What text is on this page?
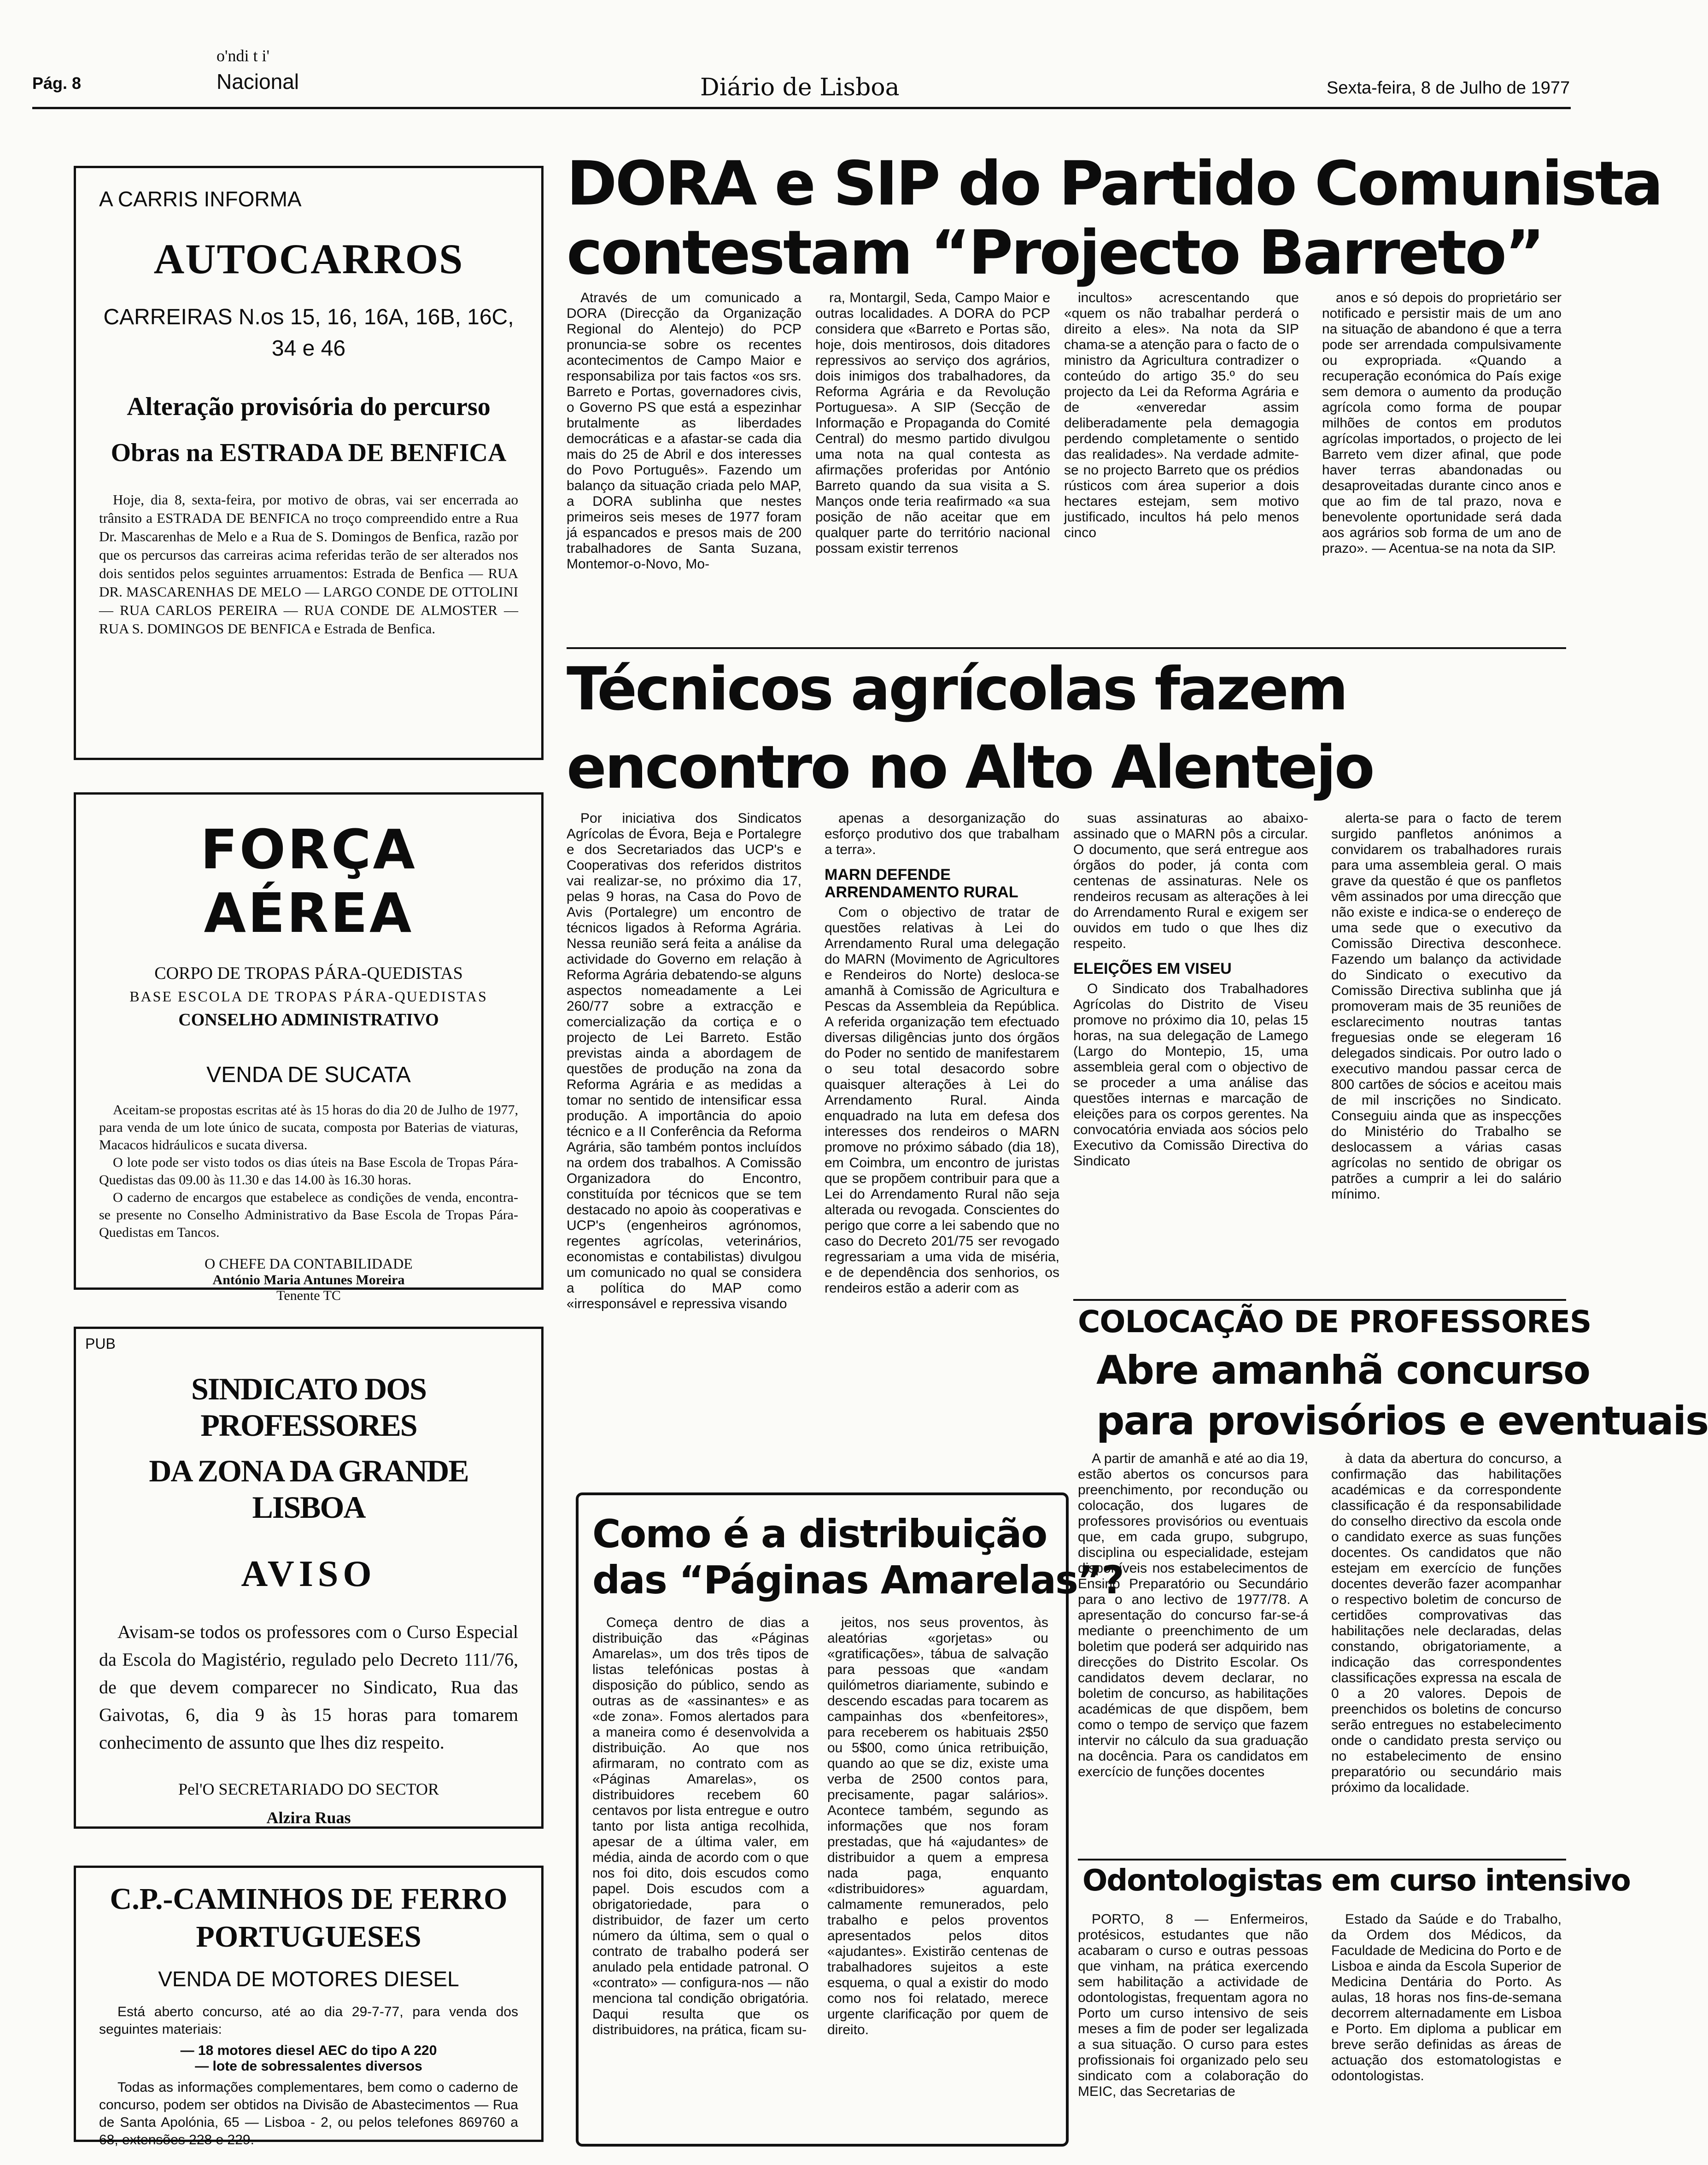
o'ndi t i'
Pág. 8	Nacional	Diário de Lisboa	Sexta-feira, 8 de Julho de 1977
A CARRIS INFORMA
AUTOCARROS
CARREIRAS N.os 15, 16, 16A, 16B, 16C, 34 e 46
Alteração provisória do percurso
Obras na ESTRADA DE BENFICA
Hoje, dia 8, sexta-feira, por motivo de obras, vai ser encerrada ao trânsito a ESTRADA DE BENFICA no troço compreendido entre a Rua Dr. Mascarenhas de Melo e a Rua de S. Domingos de Benfica, razão por que os percursos das carreiras acima referidas terão de ser alterados nos dois sentidos pelos seguintes arruamentos: Estrada de Benfica — RUA DR. MASCARENHAS DE MELO — LARGO CONDE DE OTTOLINI — RUA CARLOS PEREIRA — RUA CONDE DE ALMOSTER — RUA S. DOMINGOS DE BENFICA e Estrada de Benfica.
FORÇA AÉREA
CORPO DE TROPAS PÁRA-QUEDISTAS
BASE ESCOLA DE TROPAS PÁRA-QUEDISTAS
CONSELHO ADMINISTRATIVO
VENDA DE SUCATA
Aceitam-se propostas escritas até às 15 horas do dia 20 de Julho de 1977, para venda de um lote único de sucata, composta por Baterias de viaturas, Macacos hidráulicos e sucata diversa.
O lote pode ser visto todos os dias úteis na Base Escola de Tropas Pára-Quedistas das 09.00 às 11.30 e das 14.00 às 16.30 horas.
O caderno de encargos que estabelece as condições de venda, encontra-se presente no Conselho Administrativo da Base Escola de Tropas Pára-Quedistas em Tancos.
O CHEFE DA CONTABILIDADE
António Maria Antunes Moreira
Tenente TC
PUB
SINDICATO DOS PROFESSORES
DA ZONA DA GRANDE LISBOA
AVISO
Avisam-se todos os professores com o Curso Especial da Escola do Magistério, regulado pelo Decreto 111/76, de que devem comparecer no Sindicato, Rua das Gaivotas, 6, dia 9 às 15 horas para tomarem conhecimento de assunto que lhes diz respeito.
Pel'O SECRETARIADO DO SECTOR
Alzira Ruas
C.P.-CAMINHOS DE FERRO
PORTUGUESES
VENDA DE MOTORES DIESEL
Está aberto concurso, até ao dia 29-7-77, para venda dos seguintes materiais:
— 18 motores diesel AEC do tipo A 220
— lote de sobressalentes diversos
Todas as informações complementares, bem como o caderno de concurso, podem ser obtidos na Divisão de Abastecimentos — Rua de Santa Apolónia, 65 — Lisboa - 2, ou pelos telefones 869760 a 68, extensões 228 e 229.
DORA e SIP do Partido Comunista
contestam “Projecto Barreto”

Através de um comunicado a DORA (Direcção da Organização Regional do Alentejo) do PCP pronuncia-se sobre os recentes acontecimentos de Campo Maior e responsabiliza por tais factos «os srs. Barreto e Portas, governadores civis, o Governo PS que está a espezinhar brutalmente as liberdades democráticas e a afastar-se cada dia mais do 25 de Abril e dos interesses do Povo Português». Fazendo um balanço da situação criada pelo MAP, a DORA sublinha que nestes primeiros seis meses de 1977 foram já espancados e presos mais de 200 trabalhadores de Santa Suzana, Montemor-o-Novo, Mo-

ra, Montargil, Seda, Campo Maior e outras localidades. A DORA do PCP considera que «Barreto e Portas são, hoje, dois mentirosos, dois ditadores repressivos ao serviço dos agrários, dois inimigos dos trabalhadores, da Reforma Agrária e da Revolução Portuguesa». A SIP (Secção de Informação e Propaganda do Comité Central) do mesmo partido divulgou uma nota na qual contesta as afirmações proferidas por António Barreto quando da sua visita a S. Manços onde teria reafirmado «a sua posição de não aceitar que em qualquer parte do território nacional possam existir terrenos

incultos» acrescentando que «quem os não trabalhar perderá o direito a eles». Na nota da SIP chama-se a atenção para o facto de o ministro da Agricultura contradizer o conteúdo do artigo 35.º do seu projecto da Lei da Reforma Agrária e de «enveredar assim deliberadamente pela demagogia perdendo completamente o sentido das realidades». Na verdade admite-se no projecto Barreto que os prédios rústicos com área superior a dois hectares estejam, sem motivo justificado, incultos há pelo menos cinco

anos e só depois do proprietário ser notificado e persistir mais de um ano na situação de abandono é que a terra pode ser arrendada compulsivamente ou expropriada. «Quando a recuperação económica do País exige sem demora o aumento da produção agrícola como forma de poupar milhões de contos em produtos agrícolas importados, o projecto de lei Barreto vem dizer afinal, que pode haver terras abandonadas ou desaproveitadas durante cinco anos e que ao fim de tal prazo, nova e benevolente oportunidade será dada aos agrários sob forma de um ano de prazo». — Acentua-se na nota da SIP.

Técnicos agrícolas fazem
encontro no Alto Alentejo

Por iniciativa dos Sindicatos Agrícolas de Évora, Beja e Portalegre e dos Secretariados das UCP's e Cooperativas dos referidos distritos vai realizar-se, no próximo dia 17, pelas 9 horas, na Casa do Povo de Avis (Portalegre) um encontro de técnicos ligados à Reforma Agrária. Nessa reunião será feita a análise da actividade do Governo em relação à Reforma Agrária debatendo-se alguns aspectos nomeadamente a Lei 260/77 sobre a extracção e comercialização da cortiça e o projecto de Lei Barreto. Estão previstas ainda a abordagem de questões de produção na zona da Reforma Agrária e as medidas a tomar no sentido de intensificar essa produção. A importância do apoio técnico e a II Conferência da Reforma Agrária, são também pontos incluídos na ordem dos trabalhos. A Comissão Organizadora do Encontro, constituída por técnicos que se tem destacado no apoio às cooperativas e UCP's (engenheiros agrónomos, regentes agrícolas, veterinários, economistas e contabilistas) divulgou um comunicado no qual se considera a política do MAP como «irresponsável e repressiva visando

apenas a desorganização do esforço produtivo dos que trabalham a terra».

MARN DEFENDE ARRENDAMENTO RURAL

Com o objectivo de tratar de questões relativas à Lei do Arrendamento Rural uma delegação do MARN (Movimento de Agricultores e Rendeiros do Norte) desloca-se amanhã à Comissão de Agricultura e Pescas da Assembleia da República. A referida organização tem efectuado diversas diligências junto dos órgãos do Poder no sentido de manifestarem o seu total desacordo sobre quaisquer alterações à Lei do Arrendamento Rural. Ainda enquadrado na luta em defesa dos interesses dos rendeiros o MARN promove no próximo sábado (dia 18), em Coimbra, um encontro de juristas que se propõem contribuir para que a Lei do Arrendamento Rural não seja alterada ou revogada. Conscientes do perigo que corre a lei sabendo que no caso do Decreto 201/75 ser revogado regressariam a uma vida de miséria, e de dependência dos senhorios, os rendeiros estão a aderir com as

suas assinaturas ao abaixo-assinado que o MARN pôs a circular. O documento, que será entregue aos órgãos do poder, já conta com centenas de assinaturas. Nele os rendeiros recusam as alterações à lei do Arrendamento Rural e exigem ser ouvidos em tudo o que lhes diz respeito.

ELEIÇÕES EM VISEU

O Sindicato dos Trabalhadores Agrícolas do Distrito de Viseu promove no próximo dia 10, pelas 15 horas, na sua delegação de Lamego (Largo do Montepio, 15, uma assembleia geral com o objectivo de se proceder a uma análise das questões internas e marcação de eleições para os corpos gerentes. Na convocatória enviada aos sócios pelo Executivo da Comissão Directiva do Sindicato

alerta-se para o facto de terem surgido panfletos anónimos a convidarem os trabalhadores rurais para uma assembleia geral. O mais grave da questão é que os panfletos vêm assinados por uma direcção que não existe e indica-se o endereço de uma sede que o executivo da Comissão Directiva desconhece. Fazendo um balanço da actividade do Sindicato o executivo da Comissão Directiva sublinha que já promoveram mais de 35 reuniões de esclarecimento noutras tantas freguesias onde se elegeram 16 delegados sindicais. Por outro lado o executivo mandou passar cerca de 800 cartões de sócios e aceitou mais de mil inscrições no Sindicato. Conseguiu ainda que as inspecções do Ministério do Trabalho se deslocassem a várias casas agrícolas no sentido de obrigar os patrões a cumprir a lei do salário mínimo.

Como é a distribuição
das “Páginas Amarelas”?

Começa dentro de dias a distribuição das «Páginas Amarelas», um dos três tipos de listas telefónicas postas à disposição do público, sendo as outras as de «assinantes» e as «de zona». Fomos alertados para a maneira como é desenvolvida a distribuição. Ao que nos afirmaram, no contrato com as «Páginas Amarelas», os distribuidores recebem 60 centavos por lista entregue e outro tanto por lista antiga recolhida, apesar de a última valer, em média, ainda de acordo com o que nos foi dito, dois escudos como papel. Dois escudos com a obrigatoriedade, para o distribuidor, de fazer um certo número da última, sem o qual o contrato de trabalho poderá ser anulado pela entidade patronal. O «contrato» — configura-nos — não menciona tal condição obrigatória. Daqui resulta que os distribuidores, na prática, ficam su-

jeitos, nos seus proventos, às aleatórias «gorjetas» ou «gratificações», tábua de salvação para pessoas que «andam quilómetros diariamente, subindo e descendo escadas para tocarem as campainhas dos «benfeitores», para receberem os habituais 2$50 ou 5$00, como única retribuição, quando ao que se diz, existe uma verba de 2500 contos para, precisamente, pagar salários». Acontece também, segundo as informações que nos foram prestadas, que há «ajudantes» de distribuidor a quem a empresa nada paga, enquanto «distribuidores» aguardam, calmamente remunerados, pelo trabalho e pelos proventos apresentados pelos ditos «ajudantes». Existirão centenas de trabalhadores sujeitos a este esquema, o qual a existir do modo como nos foi relatado, merece urgente clarificação por quem de direito.

COLOCAÇÃO DE PROFESSORES
Abre amanhã concurso
para provisórios e eventuais

A partir de amanhã e até ao dia 19, estão abertos os concursos para preenchimento, por recondução ou colocação, dos lugares de professores provisórios ou eventuais que, em cada grupo, subgrupo, disciplina ou especialidade, estejam disponíveis nos estabelecimentos de Ensino Preparatório ou Secundário para o ano lectivo de 1977/78. A apresentação do concurso far-se-á mediante o preenchimento de um boletim que poderá ser adquirido nas direcções do Distrito Escolar. Os candidatos devem declarar, no boletim de concurso, as habilitações académicas de que dispõem, bem como o tempo de serviço que fazem intervir no cálculo da sua graduação na docência. Para os candidatos em exercício de funções docentes

à data da abertura do concurso, a confirmação das habilitações académicas e da correspondente classificação é da responsabilidade do conselho directivo da escola onde o candidato exerce as suas funções docentes. Os candidatos que não estejam em exercício de funções docentes deverão fazer acompanhar o respectivo boletim de concurso de certidões comprovativas das habilitações nele declaradas, delas constando, obrigatoriamente, a indicação das correspondentes classificações expressa na escala de 0 a 20 valores. Depois de preenchidos os boletins de concurso serão entregues no estabelecimento onde o candidato presta serviço ou no estabelecimento de ensino preparatório ou secundário mais próximo da localidade.

Odontologistas em curso intensivo

PORTO, 8 — Enfermeiros, protésicos, estudantes que não acabaram o curso e outras pessoas que vinham, na prática exercendo sem habilitação a actividade de odontologistas, frequentam agora no Porto um curso intensivo de seis meses a fim de poder ser legalizada a sua situação. O curso para estes profissionais foi organizado pelo seu sindicato com a colaboração do MEIC, das Secretarias de

Estado da Saúde e do Trabalho, da Ordem dos Médicos, da Faculdade de Medicina do Porto e de Lisboa e ainda da Escola Superior de Medicina Dentária do Porto. As aulas, 18 horas nos fins-de-semana decorrem alternadamente em Lisboa e Porto. Em diploma a publicar em breve serão definidas as áreas de actuação dos estomatologistas e odontologistas.
